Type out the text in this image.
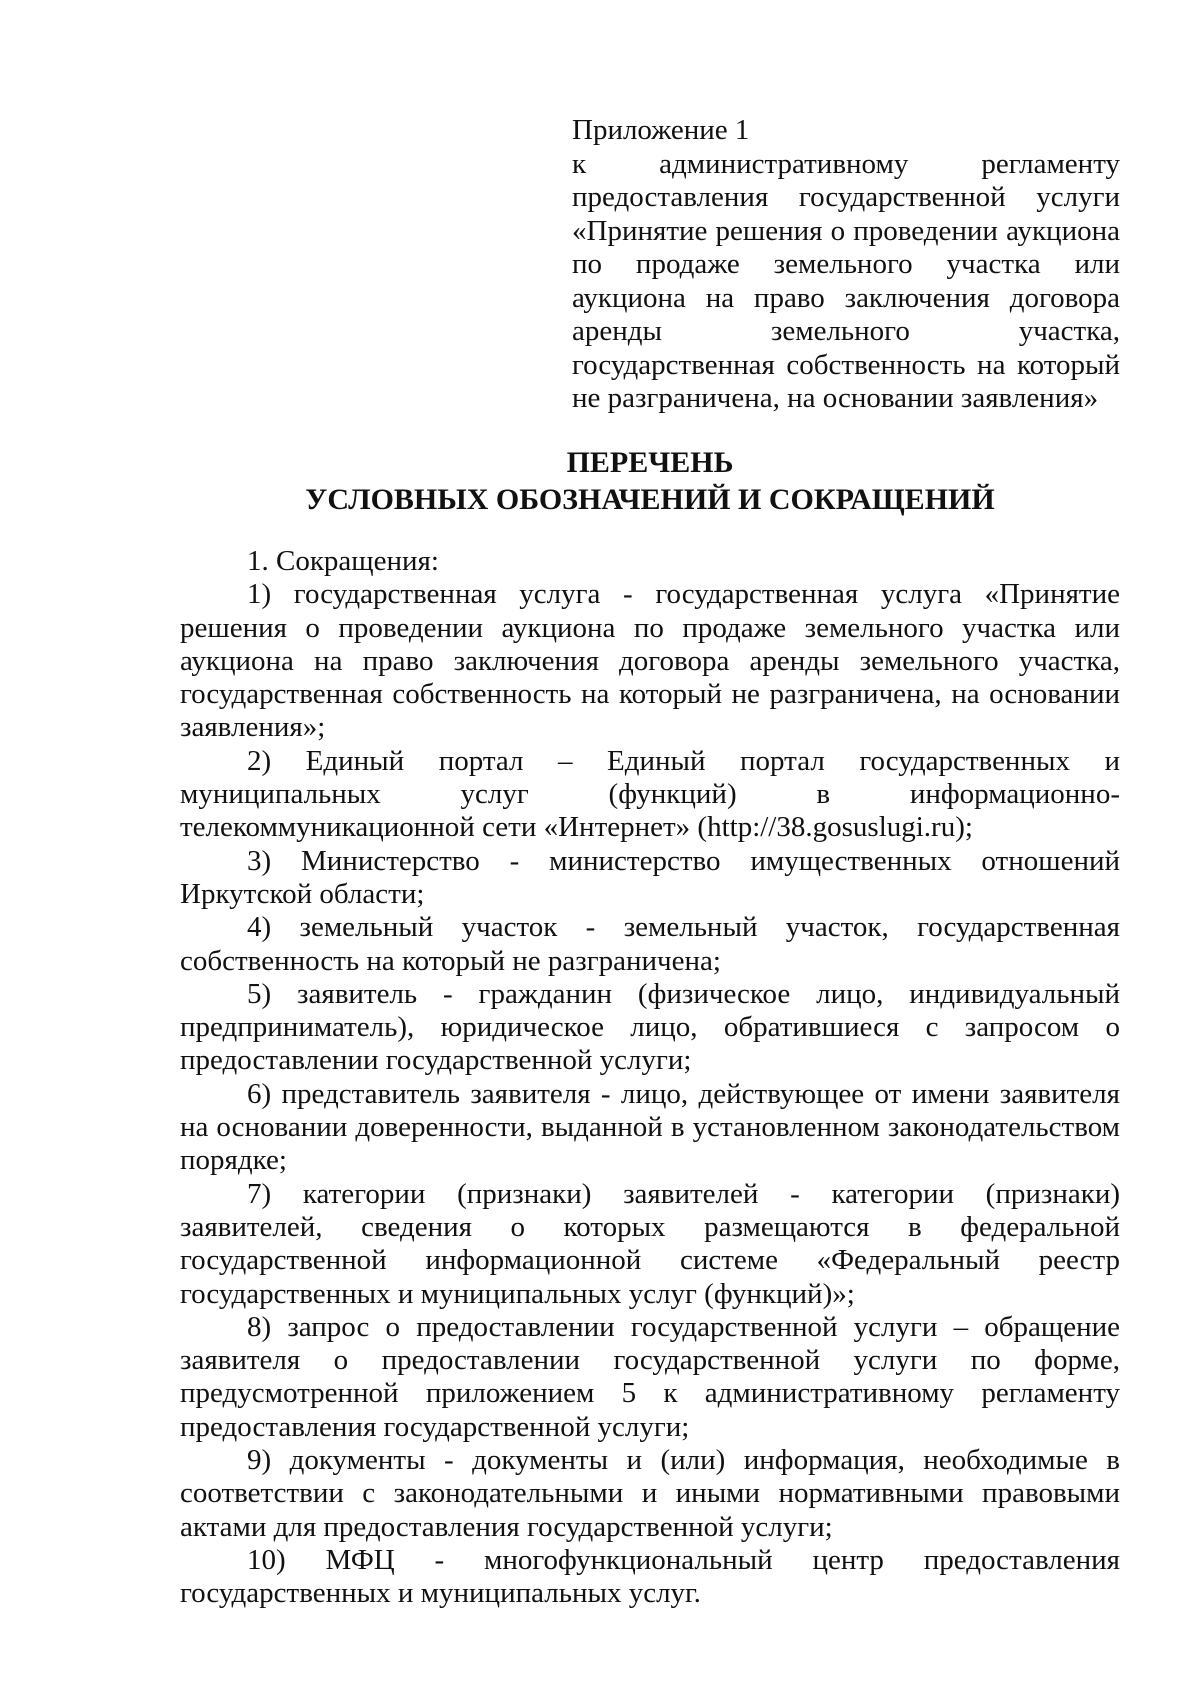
Приложение 1
к административному регламенту предоставления государственной услуги «Принятие решения о проведении аукциона по продаже земельного участка или аукциона на право заключения договора аренды земельного участка, государственная собственность на который не разграничена, на основании заявления»
ПЕРЕЧЕНЬ
УСЛОВНЫХ ОБОЗНАЧЕНИЙ И СОКРАЩЕНИЙ

1. Сокращения:

1) государственная услуга - государственная услуга «Принятие решения о проведении аукциона по продаже земельного участка или аукциона на право заключения договора аренды земельного участка, государственная собственность на который не разграничена, на основании заявления»;

2) Единый портал – Единый портал государственных и муниципальных услуг (функций) в информационно-телекоммуникационной сети «Интернет» (http://38.gosuslugi.ru);

3) Министерство - министерство имущественных отношений Иркутской области;

4) земельный участок - земельный участок, государственная собственность на который не разграничена;

5) заявитель - гражданин (физическое лицо, индивидуальный предприниматель), юридическое лицо, обратившиеся с запросом о предоставлении государственной услуги;

6) представитель заявителя - лицо, действующее от имени заявителя на основании доверенности, выданной в установленном законодательством порядке;

7) категории (признаки) заявителей - категории (признаки) заявителей, сведения о которых размещаются в федеральной государственной информационной системе «Федеральный реестр государственных и муниципальных услуг (функций)»;

8) запрос о предоставлении государственной услуги – обращение заявителя о предоставлении государственной услуги по форме, предусмотренной приложением 5 к административному регламенту предоставления государственной услуги;

9) документы - документы и (или) информация, необходимые в соответствии с законодательными и иными нормативными правовыми актами для предоставления государственной услуги;

10) МФЦ - многофункциональный центр предоставления государственных и муниципальных услуг.
